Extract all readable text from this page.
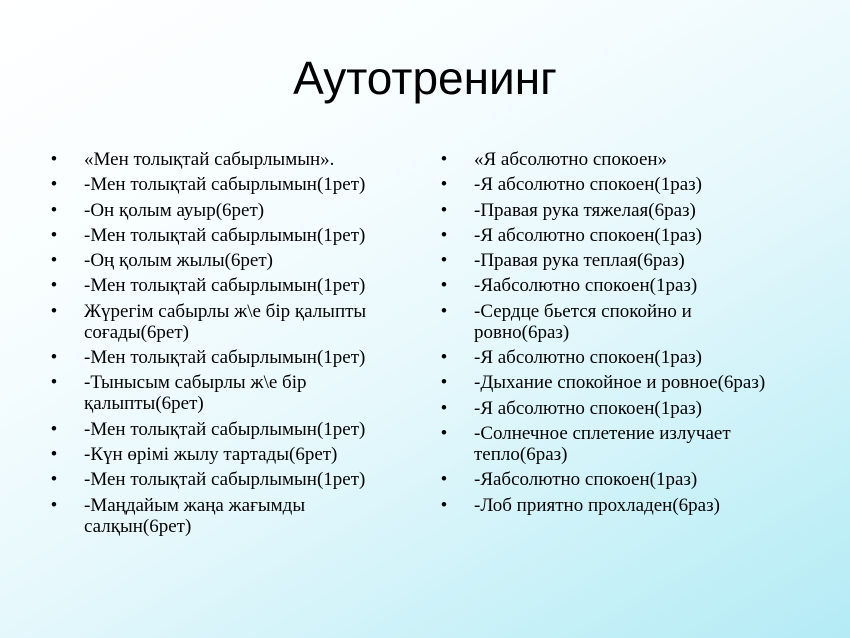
Аутотренинг
• «Мен толықтай сабырлымын».
• -Мен толықтай сабырлымын(1рет)
• -Он қолым ауыр(6рет)
• -Мен толықтай сабырлымын(1рет)
• -Оң қолым жылы(6рет)
• -Мен толықтай сабырлымын(1рет)
• Жүрегім сабырлы ж\е бір қалыпты соғады(6рет)
• -Мен толықтай сабырлымын(1рет)
• -Тынысым сабырлы ж\е бір қалыпты(6рет)
• -Мен толықтай сабырлымын(1рет)
• -Күн өрімі жылу тартады(6рет)
• -Мен толықтай сабырлымын(1рет)
• -Маңдайым жаңа жағымды салқын(6рет)
• «Я абсолютно спокоен»
• -Я абсолютно спокоен(1раз)
• -Правая рука тяжелая(6раз)
• -Я абсолютно спокоен(1раз)
• -Правая рука теплая(6раз)
• -Яабсолютно спокоен(1раз)
• -Сердце бьется спокойно и ровно(6раз)
• -Я абсолютно спокоен(1раз)
• -Дыхание спокойное и ровное(6раз)
• -Я абсолютно спокоен(1раз)
• -Солнечное сплетение излучает тепло(6раз)
• -Яабсолютно спокоен(1раз)
• -Лоб приятно прохладен(6раз)
